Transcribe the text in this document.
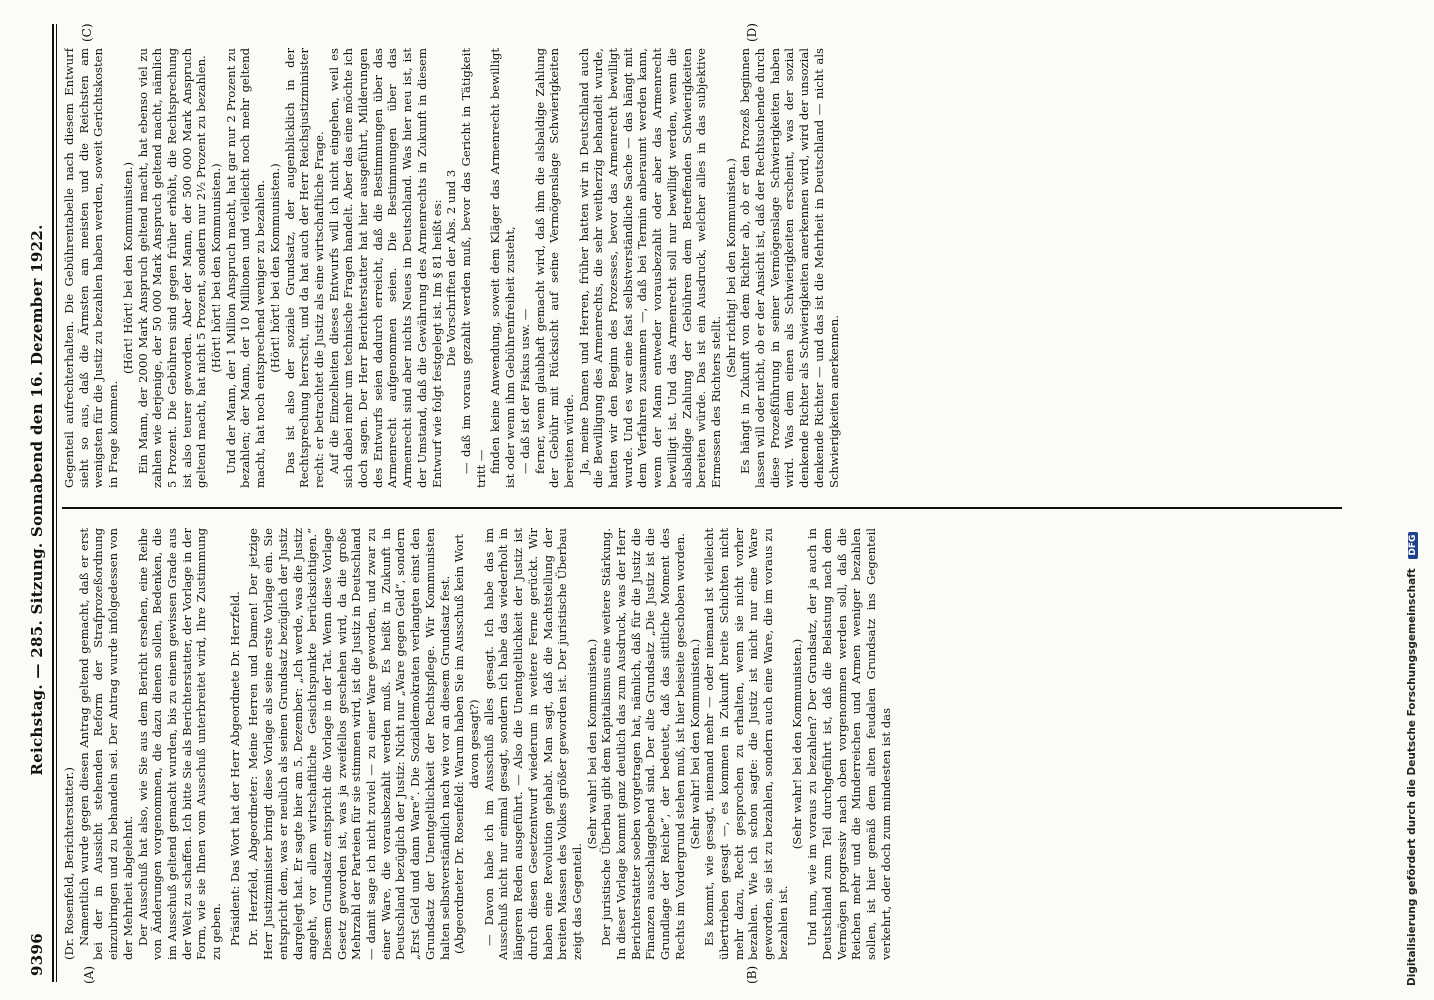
9396
Reichstag. — 285. Sitzung. Sonnabend den 16. Dezember 1922.
(A)	(B)
(C)	(D)

(Dr. Rosenfeld, Berichterstatter.) Namentlich wurde gegen diesen Antrag geltend gemacht, daß er erst bei der in Aussicht stehenden Reform der Strafprozeßordnung einzubringen und zu behandeln sei. Der Antrag wurde infolgedessen von der Mehrheit abgelehnt. Der Ausschuß hat also, wie Sie aus dem Bericht ersehen, eine Reihe von Änderungen vorgenommen, die dazu dienen sollen, Bedenken, die im Ausschuß geltend gemacht wurden, bis zu einem gewissen Grade aus der Welt zu schaffen. Ich bitte Sie als Berichterstatter, der Vorlage in der Form, wie sie Ihnen vom Ausschuß unterbreitet wird, Ihre Zustimmung zu geben. Präsident: Das Wort hat der Herr Abgeordnete Dr. Herzfeld. Dr. Herzfeld, Abgeordneter: Meine Herren und Damen! Der jetzige Herr Justizminister bringt diese Vorlage als seine erste Vorlage ein. Sie entspricht dem, was er neulich als seinen Grundsatz bezüglich der Justiz dargelegt hat. Er sagte hier am 5. Dezember: „Ich werde, was die Justiz angeht, vor allem wirtschaftliche Gesichtspunkte berücksichtigen.“ Diesem Grundsatz entspricht die Vorlage in der Tat. Wenn diese Vorlage Gesetz geworden ist, was ja zweifellos geschehen wird, da die große Mehrzahl der Parteien für sie stimmen wird, ist die Justiz in Deutschland — damit sage ich nicht zuviel — zu einer Ware geworden, und zwar zu einer Ware, die vorausbezahlt werden muß. Es heißt in Zukunft in Deutschland bezüglich der Justiz: Nicht nur „Ware gegen Geld“, sondern „Erst Geld und dann Ware“. Die Sozialdemokraten verlangten einst den Grundsatz der Unentgeltlichkeit der Rechtspflege. Wir Kommunisten halten selbstverständlich nach wie vor an diesem Grundsatz fest. (Abgeordneter Dr. Rosenfeld: Warum haben Sie im Ausschuß kein Wort davon gesagt?) — Davon habe ich im Ausschuß alles gesagt. Ich habe das im Ausschuß nicht nur einmal gesagt, sondern ich habe das wiederholt in längeren Reden ausgeführt. — Also die Unentgeltlichkeit der Justiz ist durch diesen Gesetzentwurf wiederum in weitere Ferne gerückt. Wir haben eine Revolution gehabt. Man sagt, daß die Machtstellung der breiten Massen des Volkes größer geworden ist. Der juristische Überbau zeigt das Gegenteil.

(Sehr wahr! bei den Kommunisten.) Der juristische Überbau gibt dem Kapitalismus eine weitere Stärkung. In dieser Vorlage kommt ganz deutlich das zum Ausdruck, was der Herr Berichterstatter soeben vorgetragen hat, nämlich, daß für die Justiz die Finanzen ausschlaggebend sind. Der alte Grundsatz „Die Justiz ist die Grundlage der Reiche“, der bedeutet, daß das sittliche Moment des Rechts im Vordergrund stehen muß, ist hier beiseite geschoben worden. (Sehr wahr! bei den Kommunisten.) Es kommt, wie gesagt, niemand mehr — oder niemand ist vielleicht übertrieben gesagt —, es kommen in Zukunft breite Schichten nicht mehr dazu, Recht gesprochen zu erhalten, wenn sie nicht vorher bezahlen. Wie ich schon sagte: die Justiz ist nicht nur eine Ware geworden, sie ist zu bezahlen, sondern auch eine Ware, die im voraus zu bezahlen ist.

(Sehr wahr! bei den Kommunisten.) Und nun, wie im voraus zu bezahlen? Der Grundsatz, der ja auch in Deutschland zum Teil durchgeführt ist, daß die Belastung nach dem Vermögen progressiv nach oben vorgenommen werden soll, daß die Reichen mehr und die Minderreichen und Armen weniger bezahlen sollen, ist hier gemäß dem alten feudalen Grundsatz ins Gegenteil verkehrt, oder doch zum mindesten ist das

Gegenteil aufrechterhalten. Die Gebührentabelle nach diesem Entwurf sieht so aus, daß die Ärmsten am meisten und die Reichsten am wenigsten für die Justiz zu bezahlen haben werden, soweit Gerichtskosten in Frage kommen.

(Hört! Hört! bei den Kommunisten.) Ein Mann, der 2000 Mark Anspruch geltend macht, hat ebenso viel zu zahlen wie derjenige, der 50 000 Mark Anspruch geltend macht, nämlich 5 Prozent. Die Gebühren sind gegen früher erhöht, die Rechtsprechung ist also teurer geworden. Aber der Mann, der 500 000 Mark Anspruch geltend macht, hat nicht 5 Prozent, sondern nur 2½ Prozent zu bezahlen. (Hört! hört! bei den Kommunisten.) Und der Mann, der 1 Million Anspruch macht, hat gar nur 2 Prozent zu bezahlen; der Mann, der 10 Millionen und vielleicht noch mehr geltend macht, hat noch entsprechend weniger zu bezahlen. (Hört! hört! bei den Kommunisten.) Das ist also der soziale Grundsatz, der augenblicklich in der Rechtsprechung herrscht, und da hat auch der Herr Reichsjustizminister recht: er betrachtet die Justiz als eine wirtschaftliche Frage. Auf die Einzelheiten dieses Entwurfs will ich nicht eingehen, weil es sich dabei mehr um technische Fragen handelt. Aber das eine möchte ich doch sagen. Der Herr Berichterstatter hat hier ausgeführt, Milderungen des Entwurfs seien dadurch erreicht, daß die Bestimmungen über das Armenrecht aufgenommen seien. Die Bestimmungen über das Armenrecht sind aber nichts Neues in Deutschland. Was hier neu ist, ist der Umstand, daß die Gewährung des Armenrechts in Zukunft in diesem Entwurf wie folgt festgelegt ist. Im § 81 heißt es: Die Vorschriften der Abs. 2 und 3 — daß im voraus gezahlt werden muß, bevor das Gericht in Tätigkeit tritt — finden keine Anwendung, soweit dem Kläger das Armenrecht bewilligt ist oder wenn ihm Gebührenfreiheit zusteht, — daß ist der Fiskus usw. — ferner, wenn glaubhaft gemacht wird, daß ihm die alsbaldige Zahlung der Gebühr mit Rücksicht auf seine Vermögenslage Schwierigkeiten bereiten würde. Ja, meine Damen und Herren, früher hatten wir in Deutschland auch die Bewilligung des Armenrechts, die sehr weitherzig behandelt wurde, hatten wir den Beginn des Prozesses, bevor das Armenrecht bewilligt wurde. Und es war eine fast selbstverständliche Sache — das hängt mit dem Verfahren zusammen —, daß bei Termin anberaumt werden kann, wenn der Mann entweder vorausbezahlt oder aber das Armenrecht bewilligt ist. Und das Armenrecht soll nur bewilligt werden, wenn die alsbaldige Zahlung der Gebühren dem Betreffenden Schwierigkeiten bereiten würde. Das ist ein Ausdruck, welcher alles in das subjektive Ermessen des Richters stellt.

(Sehr richtig! bei den Kommunisten.) Es hängt in Zukunft von dem Richter ab, ob er den Prozeß beginnen lassen will oder nicht, ob er der Ansicht ist, daß der Rechtsuchende durch diese Prozeßführung in seiner Vermögenslage Schwierigkeiten haben wird. Was dem einen als Schwierigkeiten erscheint, was der sozial denkende Richter als Schwierigkeiten anerkennen wird, wird der unsozial denkende Richter — und das ist die Mehrheit in Deutschland — nicht als Schwierigkeiten anerkennen.

Digitalisierung gefördert durch die Deutsche Forschungsgemeinschaft DFG
